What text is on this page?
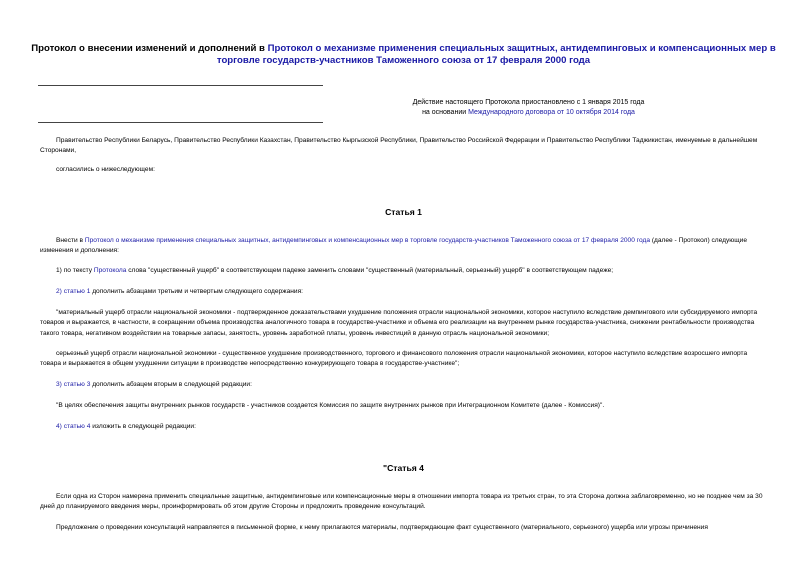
Протокол о внесении изменений и дополнений в Протокол о механизме применения специальных защитных, антидемпинговых и компенсационных мер в торговле государств-участников Таможенного союза от 17 февраля 2000 года
Действие настоящего Протокола приостановлено с 1 января 2015 года
на основании Международного договора от 10 октября 2014 года
Правительство Республики Беларусь, Правительство Республики Казахстан, Правительство Кыргызской Республики, Правительство Российской Федерации и Правительство Республики Таджикистан, именуемые в дальнейшем Сторонами,
согласились о нижеследующем:
Статья 1
Внести в Протокол о механизме применения специальных защитных, антидемпинговых и компенсационных мер в торговле государств-участников Таможенного союза от 17 февраля 2000 года (далее - Протокол) следующие изменения и дополнения:
1) по тексту Протокола слова "существенный ущерб" в соответствующем падеже заменить словами "существенный (материальный, серьезный) ущерб" в соответствующем падеже;
2) статью 1 дополнить абзацами третьим и четвертым следующего содержания:
"материальный ущерб отрасли национальной экономики - подтвержденное доказательствами ухудшение положения отрасли национальной экономики, которое наступило вследствие демпингового или субсидируемого импорта товаров и выражается, в частности, в сокращении объема производства аналогичного товара в государстве-участнике и объема его реализации на внутреннем рынке государства-участника, снижении рентабельности производства такого товара, негативном воздействии на товарные запасы, занятость, уровень заработной платы, уровень инвестиций в данную отрасль национальной экономики;
серьезный ущерб отрасли национальной экономики - существенное ухудшение производственного, торгового и финансового положения отрасли национальной экономики, которое наступило вследствие возросшего импорта товара и выражается в общем ухудшении ситуации в производстве непосредственно конкурирующего товара в государстве-участнике";
3) статью 3 дополнить абзацем вторым в следующей редакции:
"В целях обеспечения защиты внутренних рынков государств - участников создается Комиссия по защите внутренних рынков при Интеграционном Комитете (далее - Комиссия)".
4) статью 4 изложить в следующей редакции:
"Статья 4
Если одна из Сторон намерена применить специальные защитные, антидемпинговые или компенсационные меры в отношении импорта товара из третьих стран, то эта Сторона должна заблаговременно, но не позднее чем за 30 дней до планируемого введения меры, проинформировать об этом другие Стороны и предложить проведение консультаций.
Предложение о проведении консультаций направляется в письменной форме, к нему прилагаются материалы, подтверждающие факт существенного (материального, серьезного) ущерба или угрозы причинения
